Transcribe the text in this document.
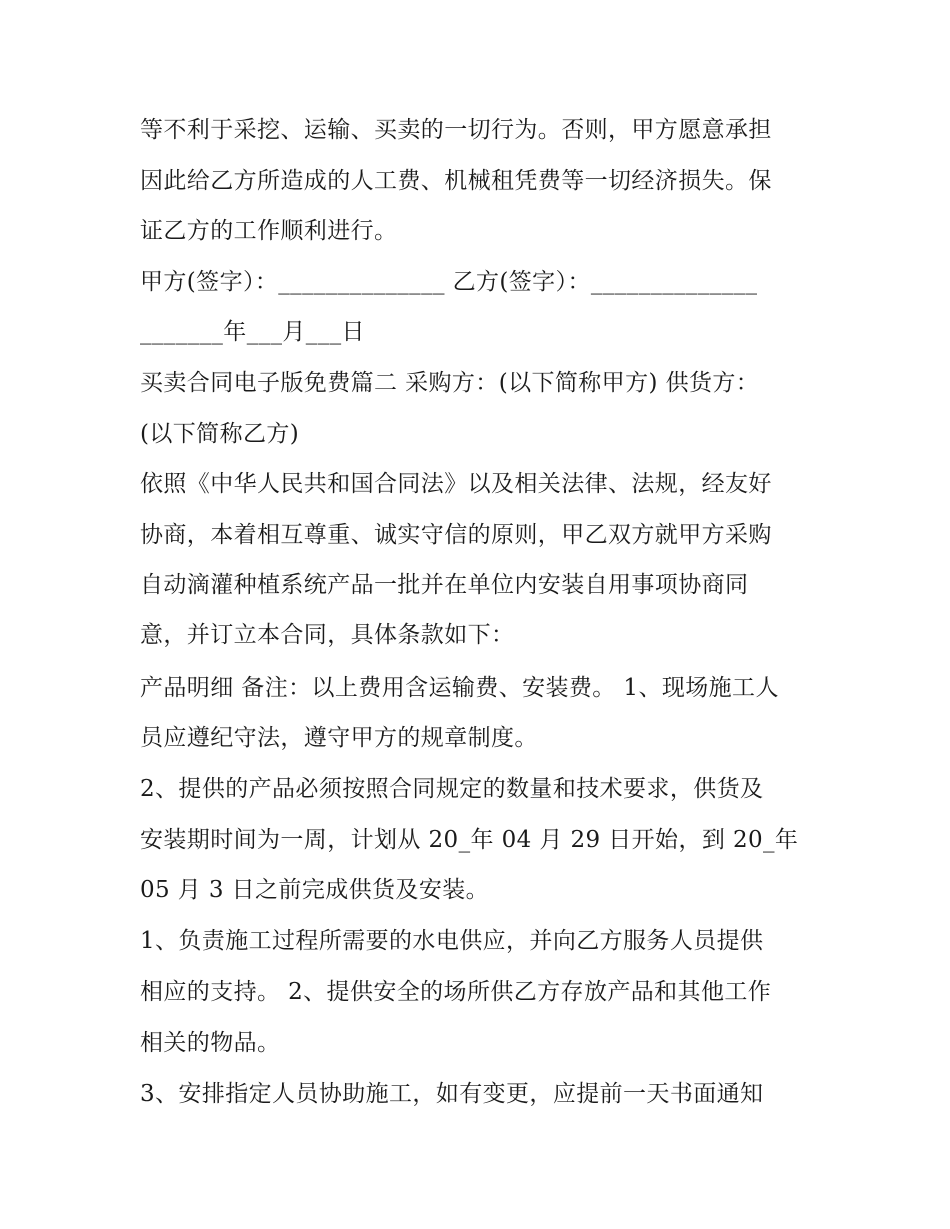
等不利于采挖、运输、买卖的一切行为。否则，甲方愿意承担
因此给乙方所造成的人工费、机械租凭费等一切经济损失。保
证乙方的工作顺利进行。
甲方(签字）：______________ 乙方(签字）：______________
_______年___月___日
买卖合同电子版免费篇二 采购方：(以下简称甲方) 供货方：
(以下简称乙方)
依照《中华人民共和国合同法》以及相关法律、法规，经友好
协商，本着相互尊重、诚实守信的原则，甲乙双方就甲方采购
自动滴灌种植系统产品一批并在单位内安装自用事项协商同
意，并订立本合同，具体条款如下：
产品明细 备注：以上费用含运输费、安装费。 1、现场施工人
员应遵纪守法，遵守甲方的规章制度。
2、提供的产品必须按照合同规定的数量和技术要求，供货及
安装期时间为一周，计划从 20_年 04 月 29 日开始，到 20_年
05 月 3 日之前完成供货及安装。
1、负责施工过程所需要的水电供应，并向乙方服务人员提供
相应的支持。 2、提供安全的场所供乙方存放产品和其他工作
相关的物品。
3、安排指定人员协助施工，如有变更，应提前一天书面通知
